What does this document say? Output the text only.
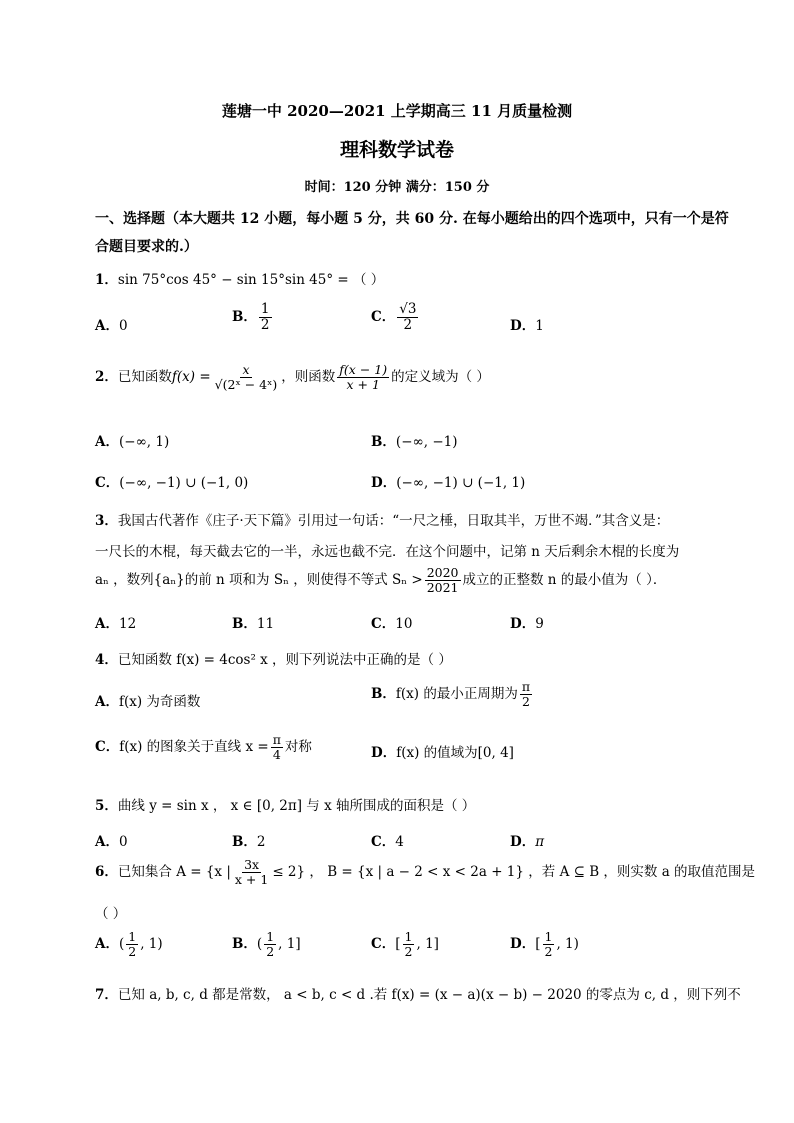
莲塘一中 2020—2021 上学期高三 11 月质量检测
理科数学试卷
时间：120 分钟 满分：150 分
一、选择题（本大题共 12 小题，每小题 5 分，共 60 分. 在每小题给出的四个选项中，只有一个是符
合题目要求的.）
1．sin 75°cos 45° − sin 15°sin 45° = （ ）
A．0
B． $\frac{1}{2}$	C． $\frac{√3}{2}$	D．1
2．已知函数$f(x) = \frac{x}{\text{√(2ˣ − 4ˣ)}}$ ，则函数 $\frac{f(x - 1)}{x + 1}$ 的定义域为（ ）
A．(−∞, 1)	B．(−∞, −1)
C．(−∞, −1) ∪ (−1, 0)	D．(−∞, −1) ∪ (−1, 1)
3．我国古代著作《庄子·天下篇》引用过一句话：“一尺之棰，日取其半，万世不竭．”其含义是：
一尺长的木棍，每天截去它的一半，永远也截不完．在这个问题中，记第 n 天后剩余木棍的长度为
aₙ ，数列{aₙ}的前 n 项和为 Sₙ ，则使得不等式 $S_n > \frac{2020}{2021}$ 成立的正整数 n 的最小值为（ ）．
A．12	B．11	C．10	D．9
4．已知函数 f(x) = 4cos² x ，则下列说法中正确的是（ ）
A．f(x) 为奇函数
B．f(x) 的最小正周期为 $\frac{\pi}{2}$
C．f(x) 的图象关于直线 $x = \frac{\pi}{4}$ 对称	D．f(x) 的值域为[0, 4]
5．曲线 y = sin x ， x ∈ [0, 2π] 与 x 轴所围成的面积是（ ）
A．0	B．2	C．4	D．π
6．已知集合 A = {x | $\frac{3x}{x + 1} \le 2$} ， B = {x | a − 2 < x < 2a + 1} ，若 A ⊆ B ，则实数 a 的取值范围是
（ ）
A．( $\frac{1}{2}$ , 1)	B．( $\frac{1}{2}$ , 1]	C．[ $\frac{1}{2}$ , 1]	D．[ $\frac{1}{2}$ , 1)
7．已知 a, b, c, d 都是常数， a < b, c < d .若 f(x) = (x − a)(x − b) − 2020 的零点为 c, d ，则下列不
